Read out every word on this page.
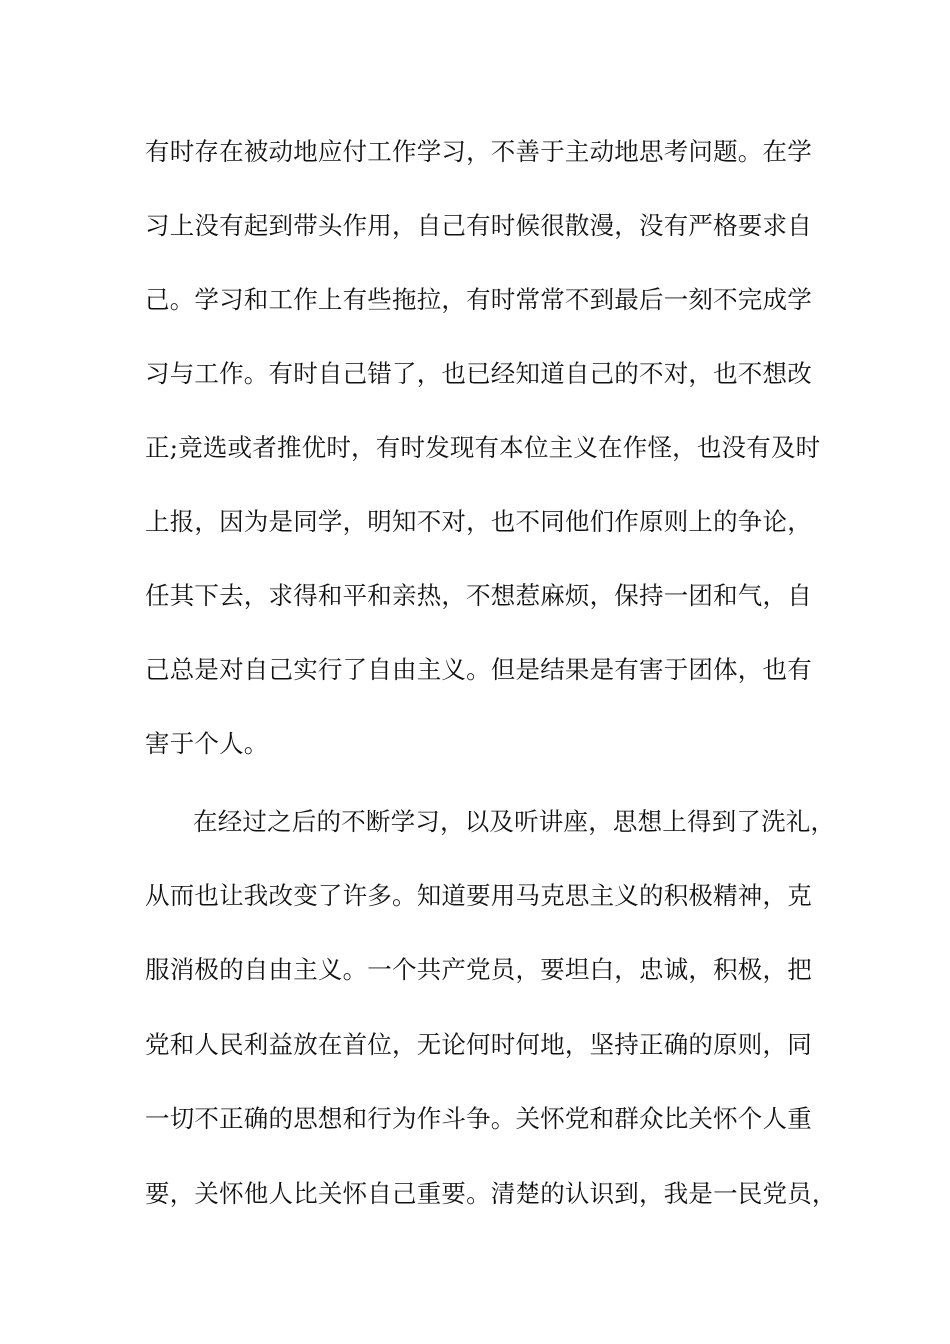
有时存在被动地应付工作学习，不善于主动地思考问题。在学
习上没有起到带头作用，自己有时候很散漫，没有严格要求自
己。学习和工作上有些拖拉，有时常常不到最后一刻不完成学
习与工作。有时自己错了，也已经知道自己的不对，也不想改
正;竞选或者推优时，有时发现有本位主义在作怪，也没有及时
上报，因为是同学，明知不对，也不同他们作原则上的争论，
任其下去，求得和平和亲热，不想惹麻烦，保持一团和气，自
己总是对自己实行了自由主义。但是结果是有害于团体，也有
害于个人。
在经过之后的不断学习，以及听讲座，思想上得到了洗礼，
从而也让我改变了许多。知道要用马克思主义的积极精神，克
服消极的自由主义。一个共产党员，要坦白，忠诚，积极，把
党和人民利益放在首位，无论何时何地，坚持正确的原则，同
一切不正确的思想和行为作斗争。关怀党和群众比关怀个人重
要，关怀他人比关怀自己重要。清楚的认识到，我是一民党员，
